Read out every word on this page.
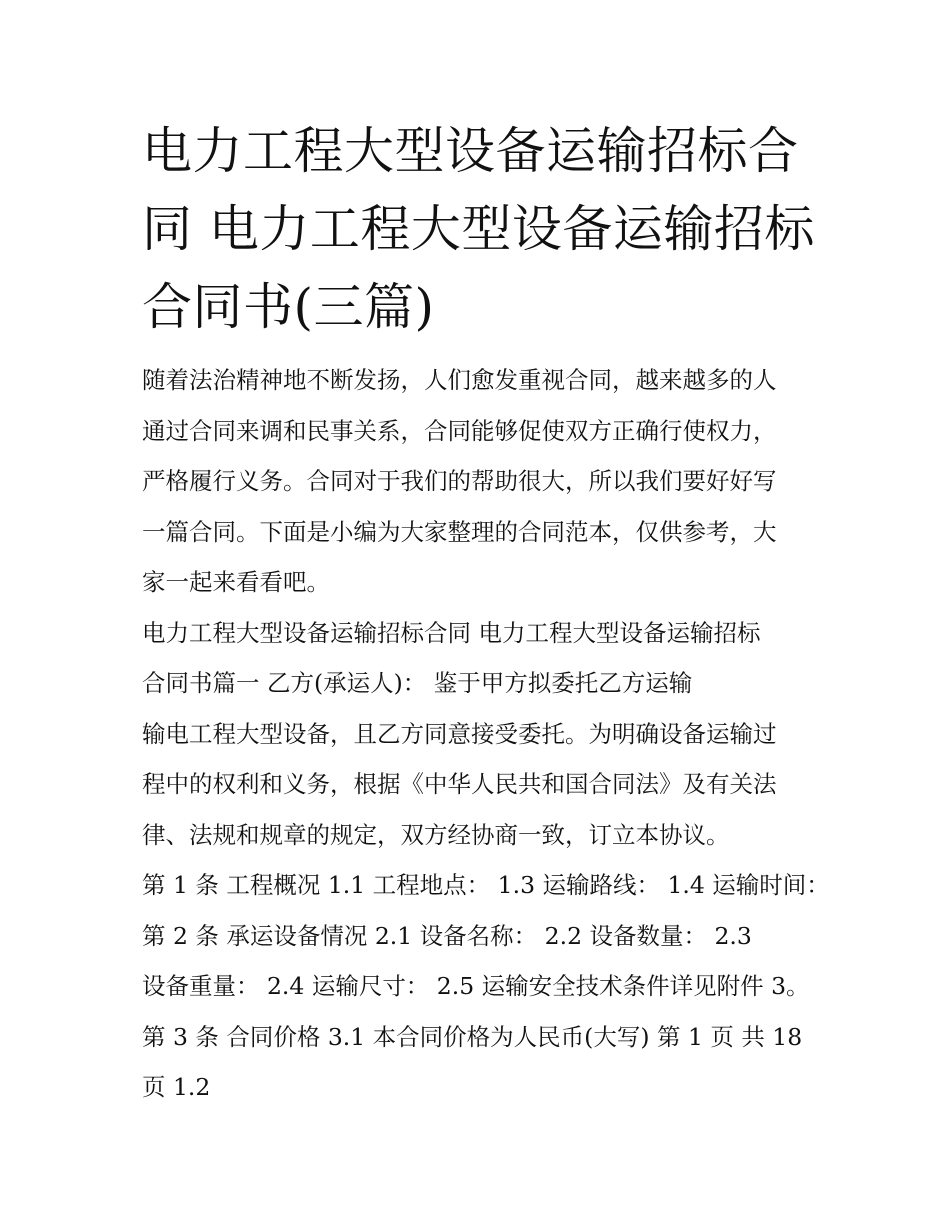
电力工程大型设备运输招标合
同 电力工程大型设备运输招标
合同书(三篇)
随着法治精神地不断发扬，人们愈发重视合同，越来越多的人
通过合同来调和民事关系，合同能够促使双方正确行使权力，
严格履行义务。合同对于我们的帮助很大，所以我们要好好写
一篇合同。下面是小编为大家整理的合同范本，仅供参考，大
家一起来看看吧。
电力工程大型设备运输招标合同 电力工程大型设备运输招标
合同书篇一 乙方(承运人)： 鉴于甲方拟委托乙方运输
输电工程大型设备，且乙方同意接受委托。为明确设备运输过
程中的权利和义务，根据《中华人民共和国合同法》及有关法
律、法规和规章的规定，双方经协商一致，订立本协议。
第 1 条 工程概况 1.1 工程地点： 1.3 运输路线： 1.4 运输时间：
第 2 条 承运设备情况 2.1 设备名称： 2.2 设备数量： 2.3
设备重量： 2.4 运输尺寸： 2.5 运输安全技术条件详见附件 3。
第 3 条 合同价格 3.1 本合同价格为人民币(大写) 第 1 页 共 18
页 1.2
